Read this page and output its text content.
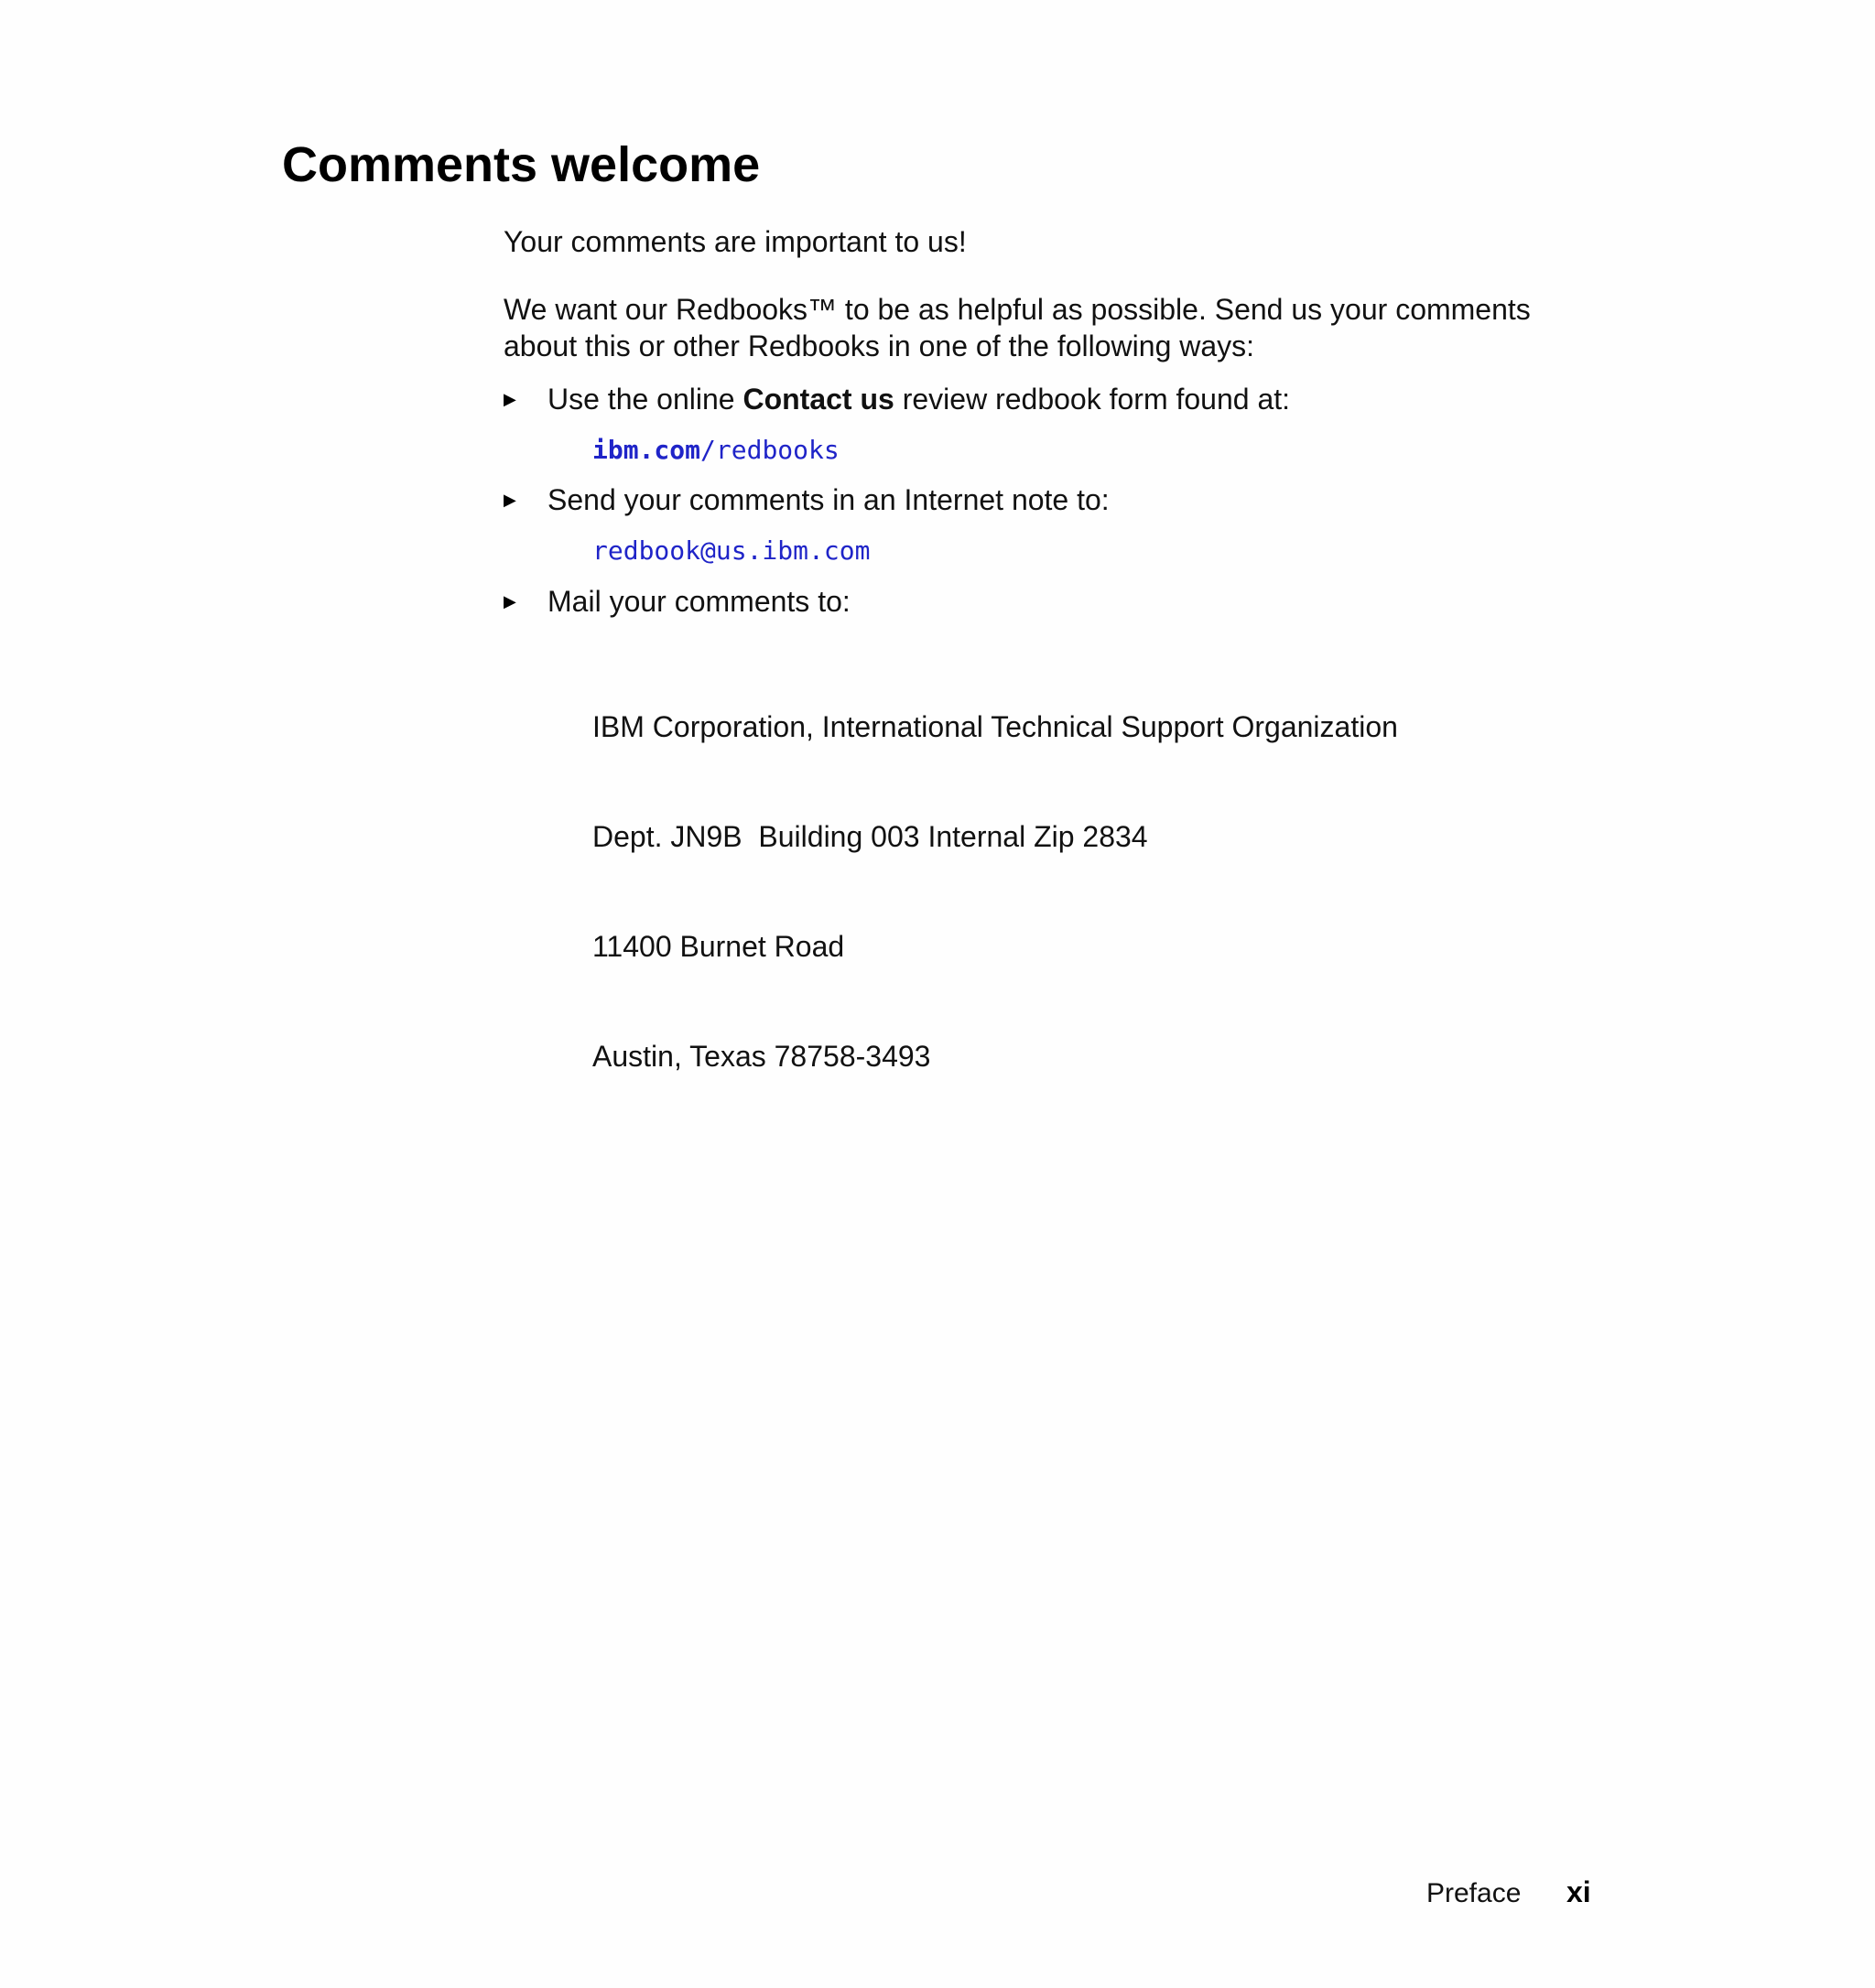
Comments welcome

Your comments are important to us!

We want our Redbooks™ to be as helpful as possible. Send us your comments
about this or other Redbooks in one of the following ways:
▶ Use the online Contact us review redbook form found at:
ibm.com/redbooks
▶ Send your comments in an Internet note to:
redbook@us.ibm.com
▶ Mail your comments to:

IBM Corporation, International Technical Support Organization

Dept. JN9B  Building 003 Internal Zip 2834

11400 Burnet Road

Austin, Texas 78758-3493

Preface xi
